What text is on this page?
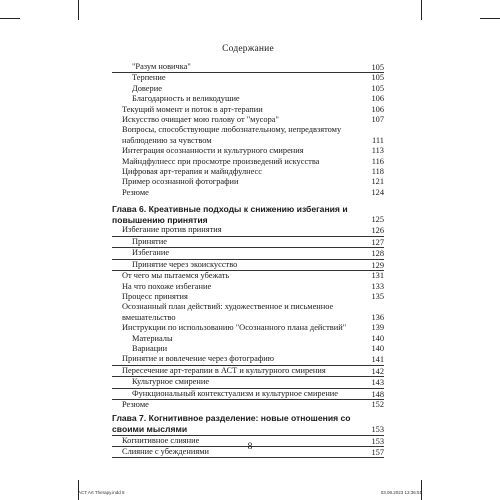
Содержание
"Разум новичка"	105
Терпение	105
Доверие	105
Благодарность и великодушие	106
Текущий момент и поток в арт-терапии	106
Искусство очищает мою голову от "мусора"	107
Вопросы, способствующие любознательному, непредвзятому наблюдению за чувством	111
Интеграция осознанности и культурного смирения	113
Майндфулнесс при просмотре произведений искусства	116
Цифровая арт-терапия и майндфулнесс	118
Пример осознанной фотографии	121
Резюме	124
Глава 6. Креативные подходы к снижению избегания и повышению принятия	125
Избегание против принятия	126
Принятие	127
Избегание	128
Принятие через экоискусство	129
От чего мы пытаемся убежать	131
На что похоже избегание	133
Процесс принятия	135
Осознанный план действий: художественное и письменное вмешательство	136
Инструкции по использованию "Осознанного плана действий"	139
Материалы	140
Вариации	140
Принятие и вовлечение через фотографию	141
Пересечение арт-терапии в АСТ и культурного смирения	142
Культурное смирение	143
Функциональный контекстуализм и культурное смирение	148
Резюме	152
Глава 7. Когнитивное разделение: новые отношения со своими мыслями	153
Когнитивное слияние	153
Слияние с убеждениями	157
8
ACT Art Therapy.indd 8	03.08.2023 13:36:51
